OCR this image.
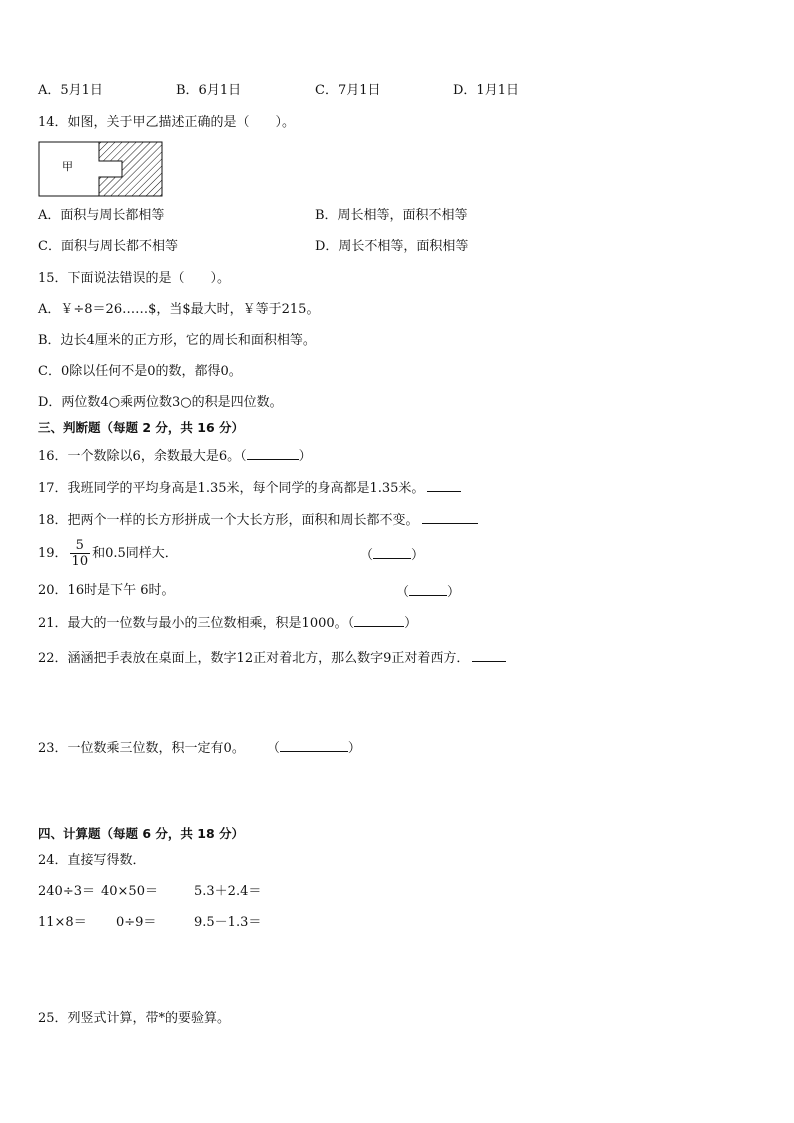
A．5月1日	B．6月1日	C．7月1日	D．1月1日
14．如图，关于甲乙描述正确的是（　　）。
甲
A．面积与周长都相等	B．周长相等，面积不相等
C．面积与周长都不相等	D．周长不相等，面积相等
15．下面说法错误的是（　　）。
A．￥÷8＝26……$，当$最大时，￥等于215。
B．边长4厘米的正方形，它的周长和面积相等。
C．0除以任何不是0的数，都得0。
D．两位数4○乘两位数3○的积是四位数。
三、判断题（每题 2 分，共 16 分）
16．一个数除以6，余数最大是6。（	）
17．我班同学的平均身高是1.35米，每个同学的身高都是1.35米。
18．把两个一样的长方形拼成一个大长方形，面积和周长都不变。
19． $\frac{5}{10}$ 和0.5同样大．	（	）
20．16时是下午 6时。	（	）
21．最大的一位数与最小的三位数相乘，积是1000。（	）
22．涵涵把手表放在桌面上，数字12正对着北方，那么数字9正对着西方．
23．一位数乘三位数，积一定有0。 （	）
四、计算题（每题 6 分，共 18 分）
24．直接写得数．
240÷3＝ 40×50＝	5.3＋2.4＝
11×8＝ 0÷9＝	9.5－1.3＝
25．列竖式计算，带*的要验算。
